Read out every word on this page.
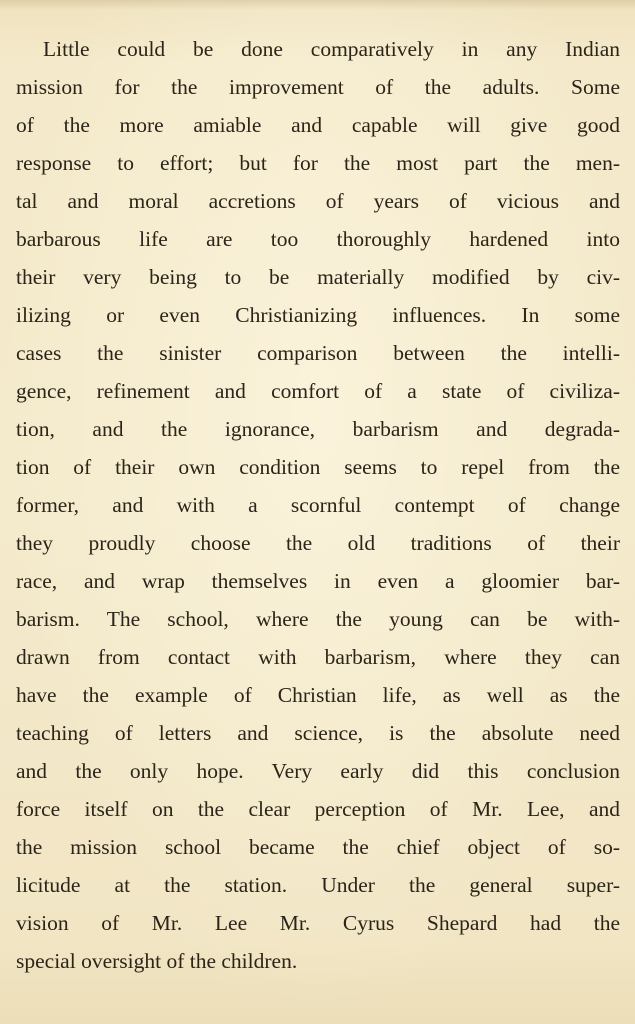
Little could be done comparatively in any Indian
mission for the improvement of the adults. Some
of the more amiable and capable will give good
response to effort; but for the most part the men-
tal and moral accretions of years of vicious and
barbarous life are too thoroughly hardened into
their very being to be materially modified by civ-
ilizing or even Christianizing influences. In some
cases the sinister comparison between the intelli-
gence, refinement and comfort of a state of civiliza-
tion, and the ignorance, barbarism and degrada-
tion of their own condition seems to repel from the
former, and with a scornful contempt of change
they proudly choose the old traditions of their
race, and wrap themselves in even a gloomier bar-
barism. The school, where the young can be with-
drawn from contact with barbarism, where they can
have the example of Christian life, as well as the
teaching of letters and science, is the absolute need
and the only hope. Very early did this conclusion
force itself on the clear perception of Mr. Lee, and
the mission school became the chief object of so-
licitude at the station. Under the general super-
vision of Mr. Lee Mr. Cyrus Shepard had the
special oversight of the children.
